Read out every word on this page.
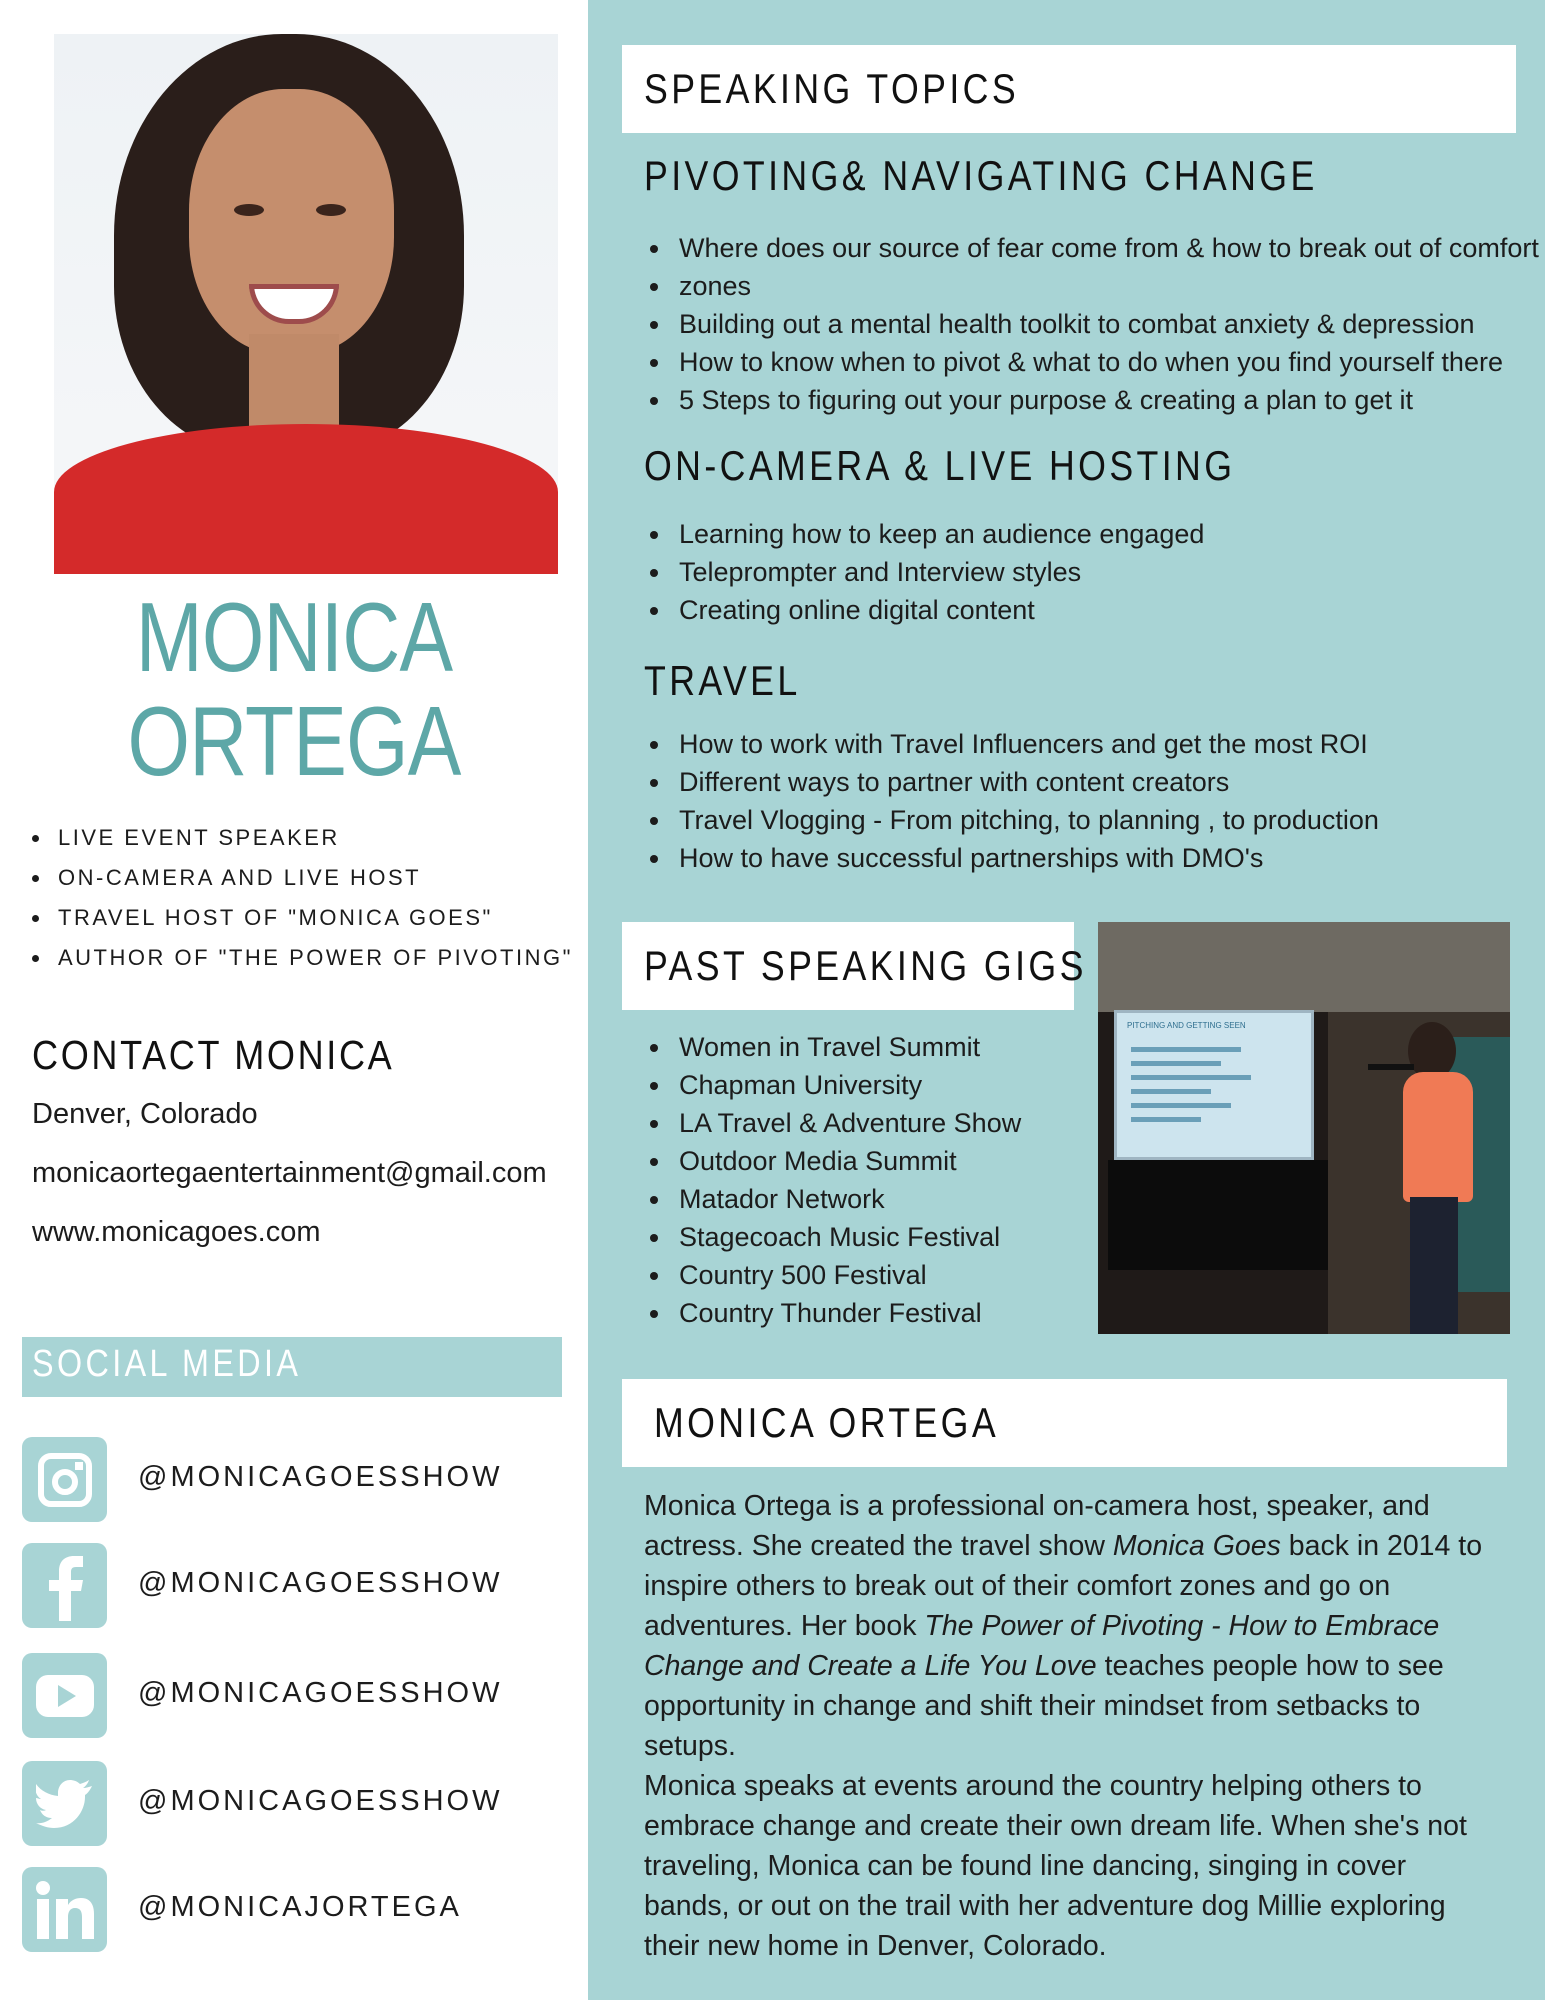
MONICA
ORTEGA
LIVE EVENT SPEAKER
ON-CAMERA AND LIVE HOST
TRAVEL HOST OF "MONICA GOES"
AUTHOR OF "THE POWER OF PIVOTING"
CONTACT MONICA
Denver, Colorado
monicaortegaentertainment@gmail.com
www.monicagoes.com
SOCIAL MEDIA
@MONICAGOESSHOW
@MONICAGOESSHOW
@MONICAGOESSHOW
@MONICAGOESSHOW
@MONICAJORTEGA
SPEAKING TOPICS
PIVOTING& NAVIGATING CHANGE
Where does our source of fear come from & how to break out of comfort
zones
Building out a mental health toolkit to combat anxiety & depression
How to know when to pivot & what to do when you find yourself there
5 Steps to figuring out your purpose & creating a plan to get it
ON-CAMERA & LIVE HOSTING
Learning how to keep an audience engaged
Teleprompter and Interview styles
Creating online digital content
TRAVEL
How to work with Travel Influencers and get the most ROI
Different ways to partner with content creators
Travel Vlogging - From pitching, to planning , to production
How to have successful partnerships with DMO's
PAST SPEAKING GIGS
Women in Travel Summit
Chapman University
LA Travel & Adventure Show
Outdoor Media Summit
Matador Network
Stagecoach Music Festival
Country 500 Festival
Country Thunder Festival
PITCHING AND GETTING SEEN
MONICA ORTEGA
Monica Ortega is a professional on-camera host, speaker, and actress. She created the travel show Monica Goes back in 2014 to inspire others to break out of their comfort zones and go on adventures. Her book The Power of Pivoting - How to Embrace Change and Create a Life You Love teaches people how to see opportunity in change and shift their mindset from setbacks to setups.
Monica speaks at events around the country helping others to embrace change and create their own dream life. When she's not traveling, Monica can be found line dancing, singing in cover bands, or out on the trail with her adventure dog Millie exploring their new home in Denver, Colorado.
